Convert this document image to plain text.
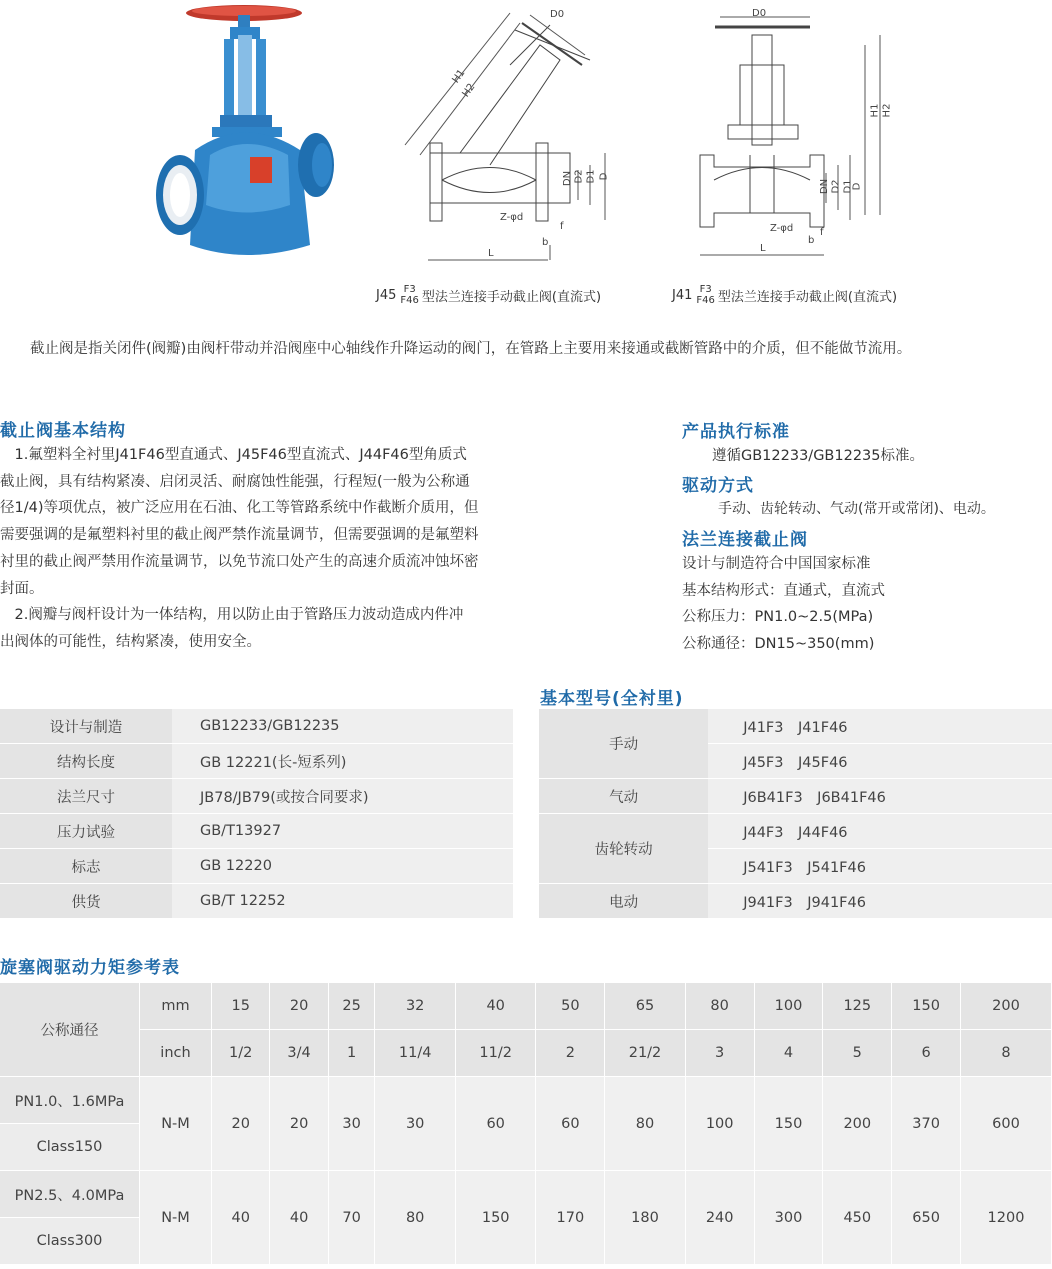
D0
H1
H2
DN D2 D1 D
Z-φd
L
b
f
D0
H1 H2
DN D2 D1
D
Z-φd
L
b
f
J45 F3
F46 型法兰连接手动截止阀(直流式)	J41 F3
F46 型法兰连接手动截止阀(直流式)
截止阀是指关闭件(阀瓣)由阀杆带动并沿阀座中心轴线作升降运动的阀门，在管路上主要用来接通或截断管路中的介质，但不能做节流用。
截止阀基本结构
　1.氟塑料全衬里J41F46型直通式、J45F46型直流式、J44F46型角质式
截止阀，具有结构紧凑、启闭灵活、耐腐蚀性能强，行程短(一般为公称通
径1/4)等项优点，被广泛应用在石油、化工等管路系统中作截断介质用，但
需要强调的是氟塑料衬里的截止阀严禁作流量调节，但需要强调的是氟塑料
衬里的截止阀严禁用作流量调节，以免节流口处产生的高速介质流冲蚀坏密
封面。
　2.阀瓣与阀杆设计为一体结构，用以防止由于管路压力波动造成内件冲
出阀体的可能性，结构紧凑，使用安全。
产品执行标准
遵循GB12233/GB12235标准。
驱动方式
手动、齿轮转动、气动(常开或常闭)、电动。
法兰连接截止阀
设计与制造符合中国国家标准
基本结构形式：直通式，直流式
公称压力：PN1.0~2.5(MPa)
公称通径：DN15~350(mm)
设计与制造	GB12233/GB12235
结构长度	GB 12221(长-短系列)
法兰尺寸	JB78/JB79(或按合同要求)
压力试验	GB/T13927
标志	GB 12220
供货	GB/T 12252
基本型号(全衬里)
手动	J41F3　J41F46
	J45F3　J45F46
气动	J6B41F3　J6B41F46
齿轮转动	J44F3　J44F46
	J541F3　J541F46
电动	J941F3　J941F46
旋塞阀驱动力矩参考表
公称通径	mm	15	20	25	32	40	50	65	80	100	125	150	200
	inch	1/2	3/4	1	11/4	11/2	2	21/2	3	4	5	6	8
PN1.0、1.6MPa	N-M	20	20	30	30	60	60	80	100	150	200	370	600
Class150													
PN2.5、4.0MPa	N-M	40	40	70	80	150	170	180	240	300	450	650	1200
Class300													
